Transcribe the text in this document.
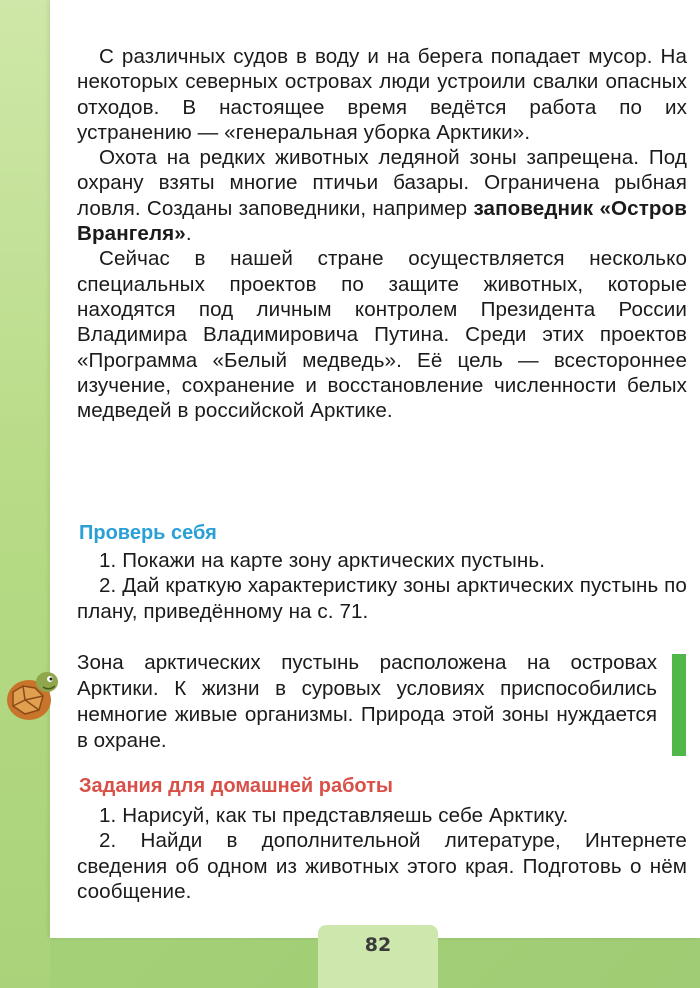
С различных судов в воду и на берега попадает мусор. На некоторых северных островах люди устроили свалки опасных отходов. В настоящее время ведётся работа по их устранению — «генеральная уборка Арктики».

Охота на редких животных ледяной зоны запрещена. Под охрану взяты многие птичьи базары. Ограничена рыбная ловля. Созданы заповедники, например заповедник «Остров Врангеля».

Сейчас в нашей стране осуществляется несколько специальных проектов по защите животных, которые находятся под личным контролем Президента России Владимира Владимировича Путина. Среди этих проектов «Программа «Белый медведь». Её цель — всестороннее изучение, сохранение и восстановление численности белых медведей в российской Арктике.

Проверь себя

1. Покажи на карте зону арктических пустынь.

2. Дай краткую характеристику зоны арктических пустынь по плану, приведённому на с. 71.

Зона арктических пустынь расположена на островах Арктики. К жизни в суровых условиях приспособились немногие живые организмы. Природа этой зоны нуждается в охране.
Задания для домашней работы

1. Нарисуй, как ты представляешь себе Арктику.

2. Найди в дополнительной литературе, Интернете сведения об одном из животных этого края. Подготовь о нём сообщение.

82
